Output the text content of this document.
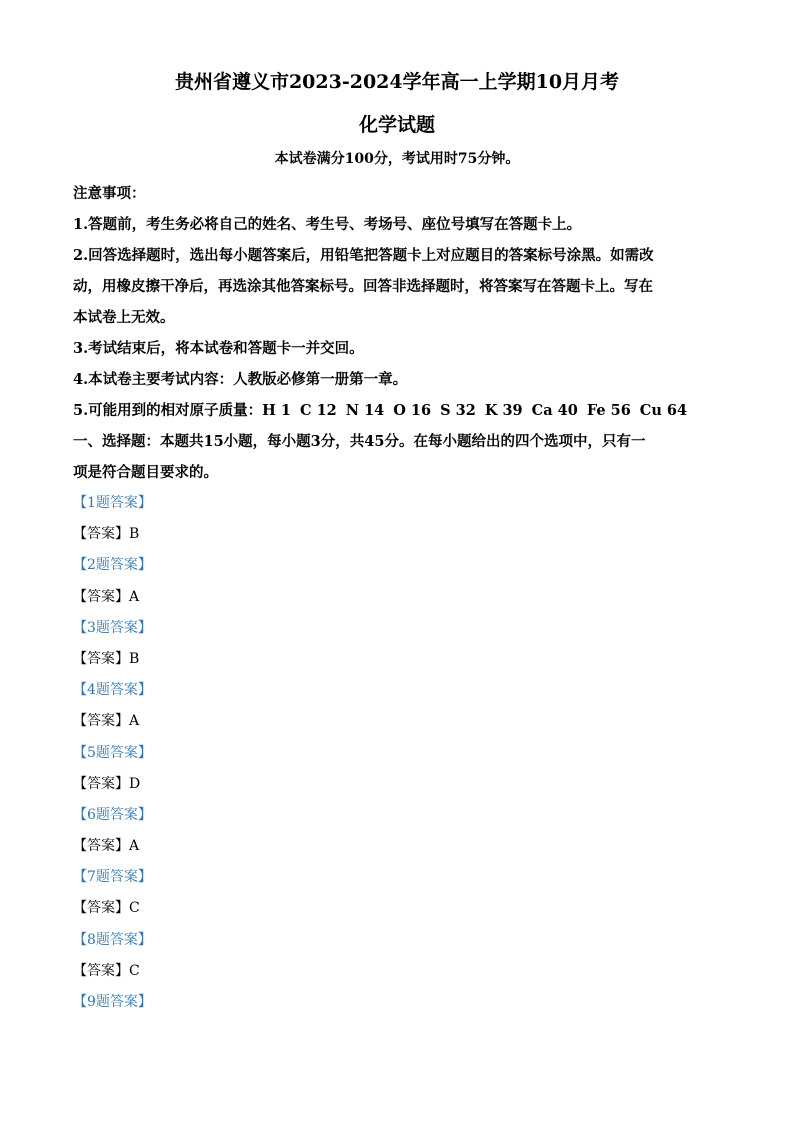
贵州省遵义市2023-2024学年高一上学期10月月考
化学试题
本试卷满分100分，考试用时75分钟。
注意事项：
1.答题前，考生务必将自己的姓名、考生号、考场号、座位号填写在答题卡上。
2.回答选择题时，选出每小题答案后，用铅笔把答题卡上对应题目的答案标号涂黑。如需改
动，用橡皮擦干净后，再选涂其他答案标号。回答非选择题时，将答案写在答题卡上。写在
本试卷上无效。
3.考试结束后，将本试卷和答题卡一并交回。
4.本试卷主要考试内容：人教版必修第一册第一章。
5.可能用到的相对原子质量：H 1 C 12 N 14 O 16 S 32 K 39 Ca 40 Fe 56 Cu 64
一、选择题：本题共15小题，每小题3分，共45分。在每小题给出的四个选项中，只有一
项是符合题目要求的。
【1题答案】
【答案】B
【2题答案】
【答案】A
【3题答案】
【答案】B
【4题答案】
【答案】A
【5题答案】
【答案】D
【6题答案】
【答案】A
【7题答案】
【答案】C
【8题答案】
【答案】C
【9题答案】
